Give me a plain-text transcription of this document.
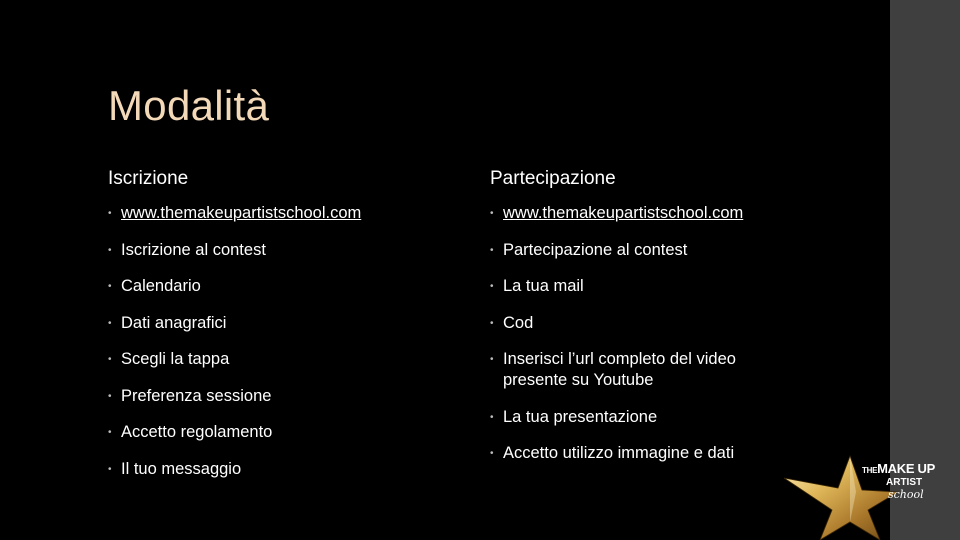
Modalità
Iscrizione
• www.themakeupartistschool.com
• Iscrizione al contest
• Calendario
• Dati anagrafici
• Scegli la tappa
• Preferenza sessione
• Accetto regolamento
• Il tuo messaggio
Partecipazione
• www.themakeupartistschool.com
• Partecipazione al contest
• La tua mail
• Cod
• Inserisci l’url completo del video presente su Youtube
• La tua presentazione
• Accetto utilizzo immagine e dati
THEMAKE UP
ARTIST
school
